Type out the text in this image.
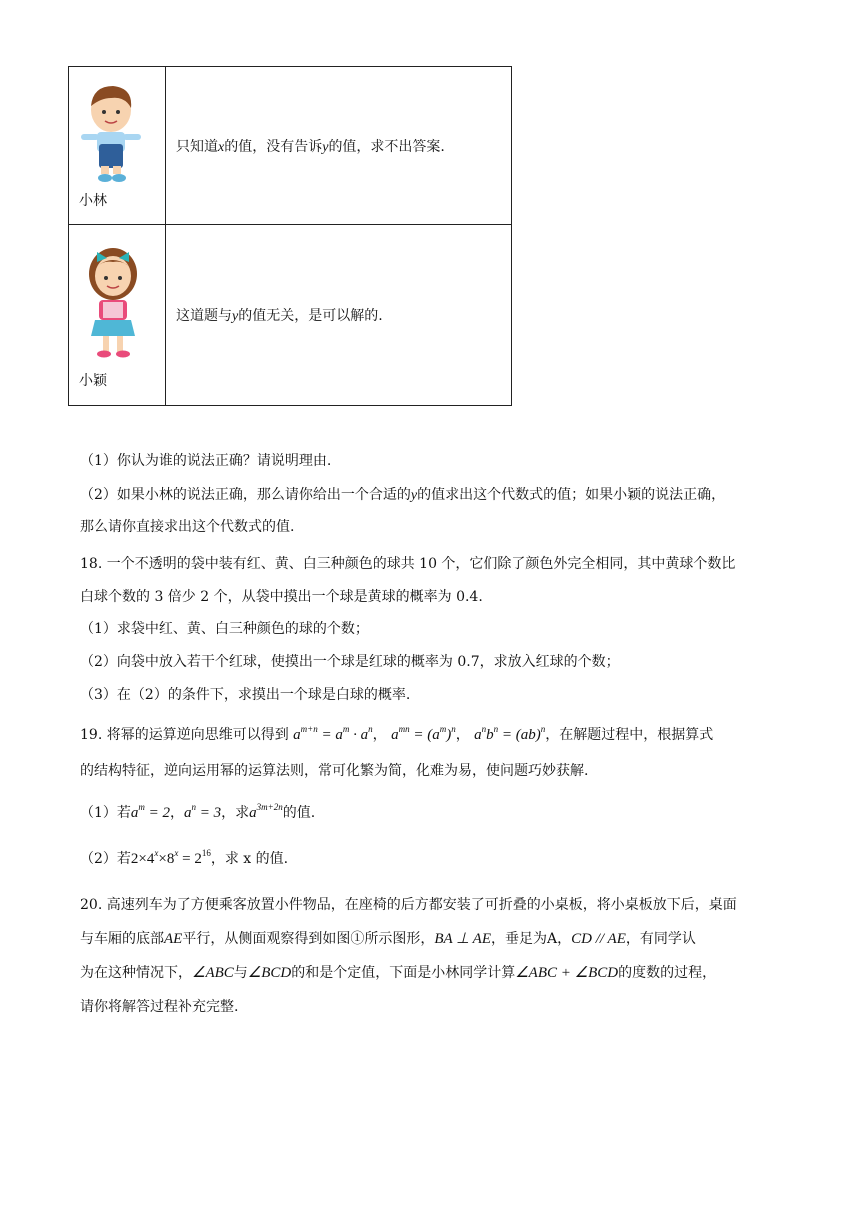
小林	只知道x的值，没有告诉y的值，求不出答案.

小颖	这道题与y的值无关，是可以解的.
（1）你认为谁的说法正确？请说明理由.
（2）如果小林的说法正确，那么请你给出一个合适的y的值求出这个代数式的值；如果小颖的说法正确，
那么请你直接求出这个代数式的值.
18. 一个不透明的袋中装有红、黄、白三种颜色的球共 10 个，它们除了颜色外完全相同，其中黄球个数比
白球个数的 3 倍少 2 个，从袋中摸出一个球是黄球的概率为 0.4.
（1）求袋中红、黄、白三种颜色的球的个数；
（2）向袋中放入若干个红球，使摸出一个球是红球的概率为 0.7，求放入红球的个数；
（3）在（2）的条件下，求摸出一个球是白球的概率.
19. 将幂的运算逆向思维可以得到 $a^{m+n} = a^m \cdot a^n$， $a^{mn} = (a^m)^n$， $a^nb^n = (ab)^n$，在解题过程中，根据算式
的结构特征，逆向运用幂的运算法则，常可化繁为简，化难为易，使问题巧妙获解.
（1）若$a^m = 2$，$a^n = 3$，求$a^{3m+2n}$的值.
（2）若$2\times 4^x\times 8^x = 2^{16}$，求 x 的值.
20. 高速列车为了方便乘客放置小件物品，在座椅的后方都安装了可折叠的小桌板，将小桌板放下后，桌面
与车厢的底部AE平行，从侧面观察得到如图①所示图形，BA ⊥ AE，垂足为A，CD // AE，有同学认
为在这种情况下，∠ABC与∠BCD的和是个定值，下面是小林同学计算∠ABC + ∠BCD的度数的过程，
请你将解答过程补充完整.
